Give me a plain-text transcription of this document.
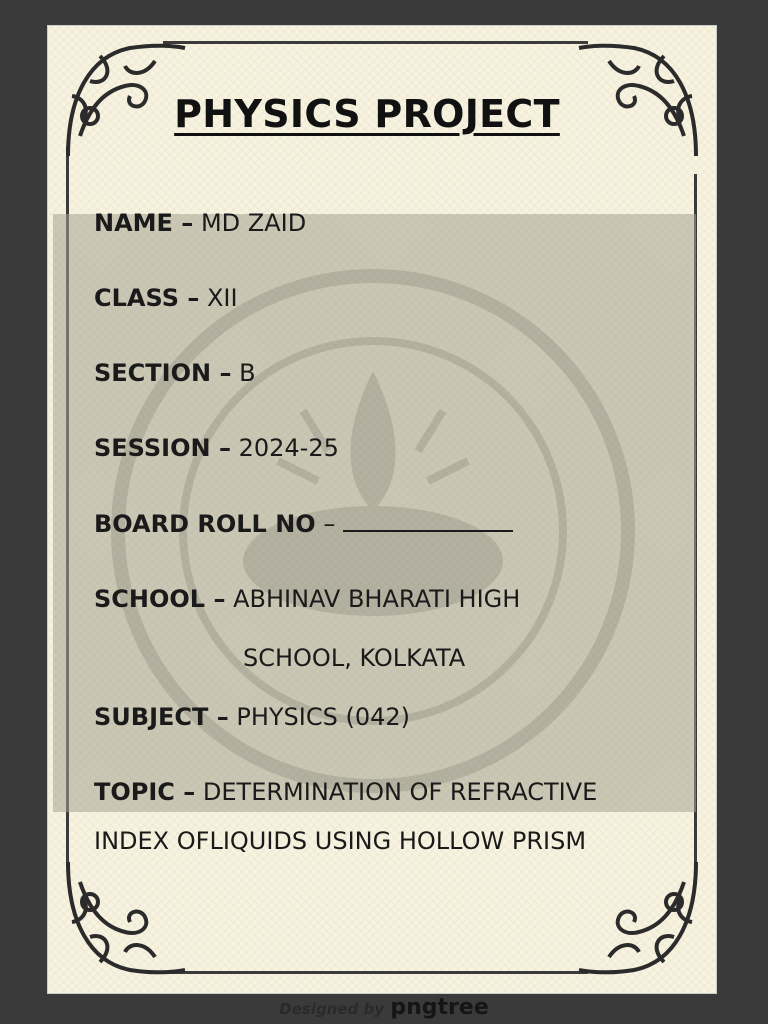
PHYSICS PROJECT
NAME – MD ZAID
CLASS – XII
SECTION – B
SESSION – 2024-25
BOARD ROLL NO –
SCHOOL – ABHINAV BHARATI HIGH
SCHOOL, KOLKATA
SUBJECT – PHYSICS (042)
TOPIC – DETERMINATION OF REFRACTIVE
INDEX OFLIQUIDS USING HOLLOW PRISM
Designed by pngtree
